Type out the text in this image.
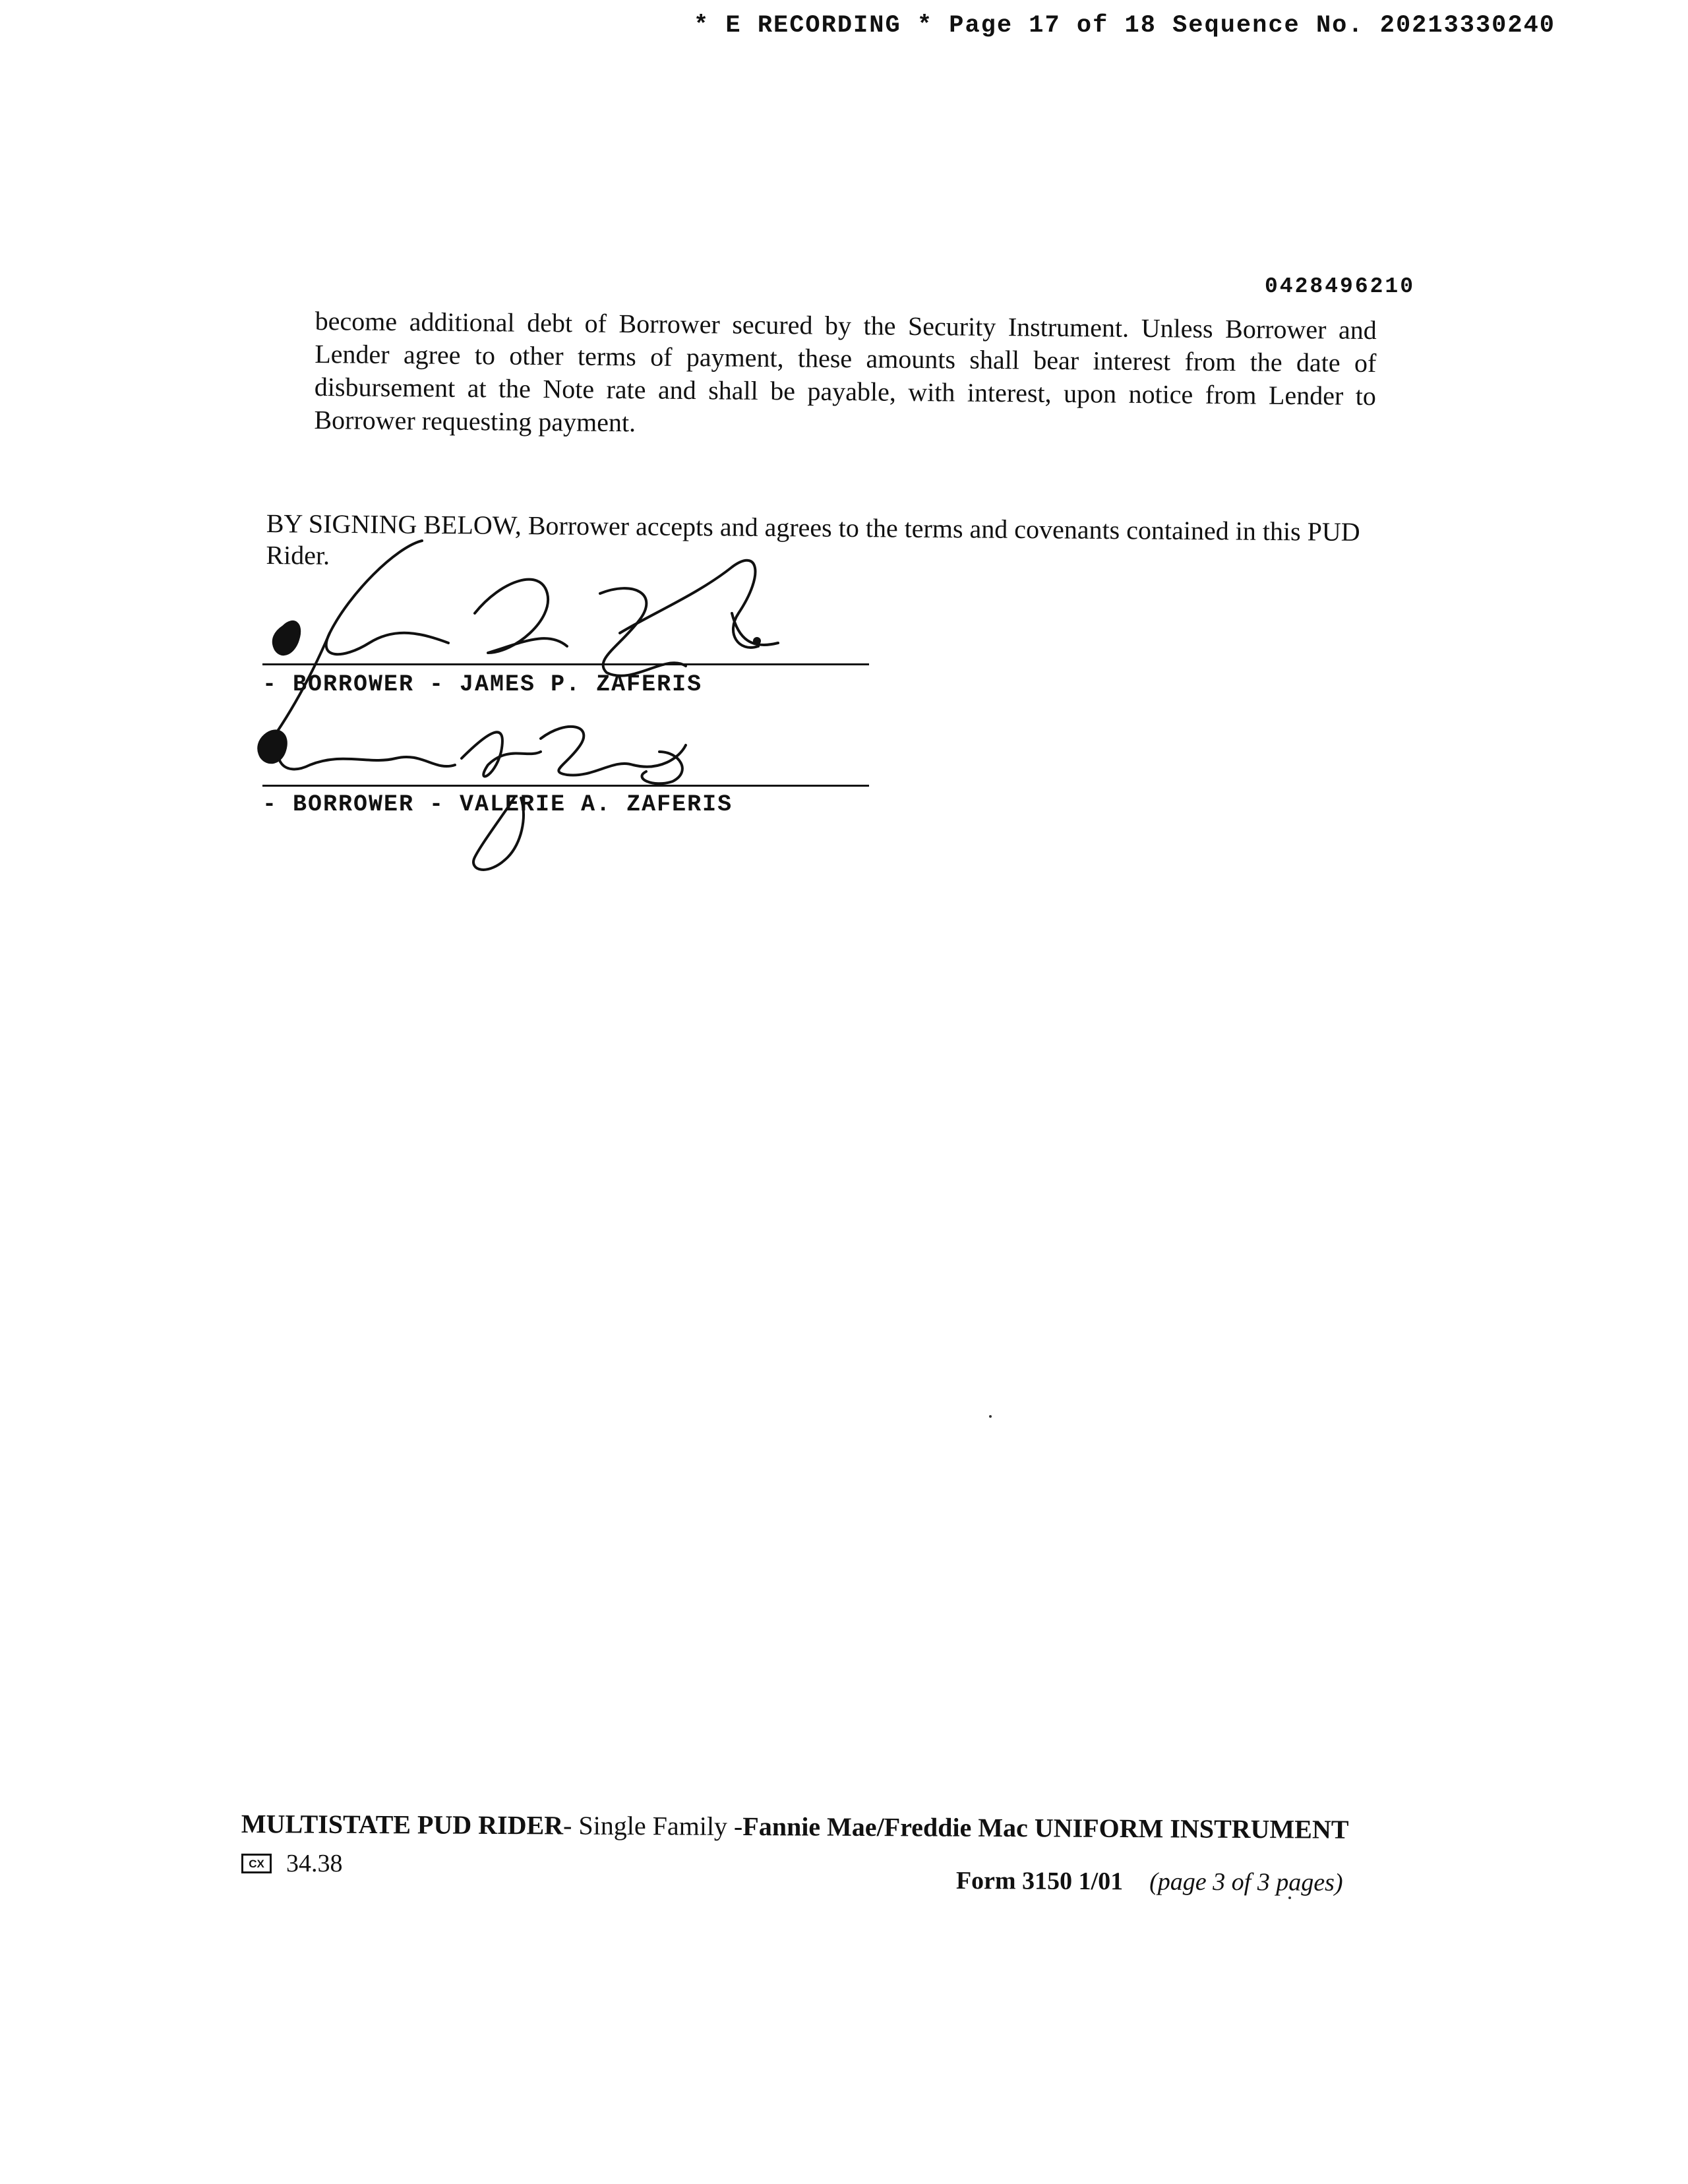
* E RECORDING * Page 17 of 18 Sequence No. 20213330240
0428496210
become additional debt of Borrower secured by the Security Instrument. Unless Borrower and Lender agree to other terms of payment, these amounts shall bear interest from the date of disbursement at the Note rate and shall be payable, with interest, upon notice from Lender to Borrower requesting payment.
BY SIGNING BELOW, Borrower accepts and agrees to the terms and covenants contained in this PUD Rider.
- BORROWER - JAMES P. ZAFERIS
- BORROWER - VALERIE A. ZAFERIS
MULTISTATE PUD RIDER- Single Family -Fannie Mae/Freddie Mac UNIFORM INSTRUMENT
CX 34.38
Form 3150 1/01 (page 3 of 3 pages)
